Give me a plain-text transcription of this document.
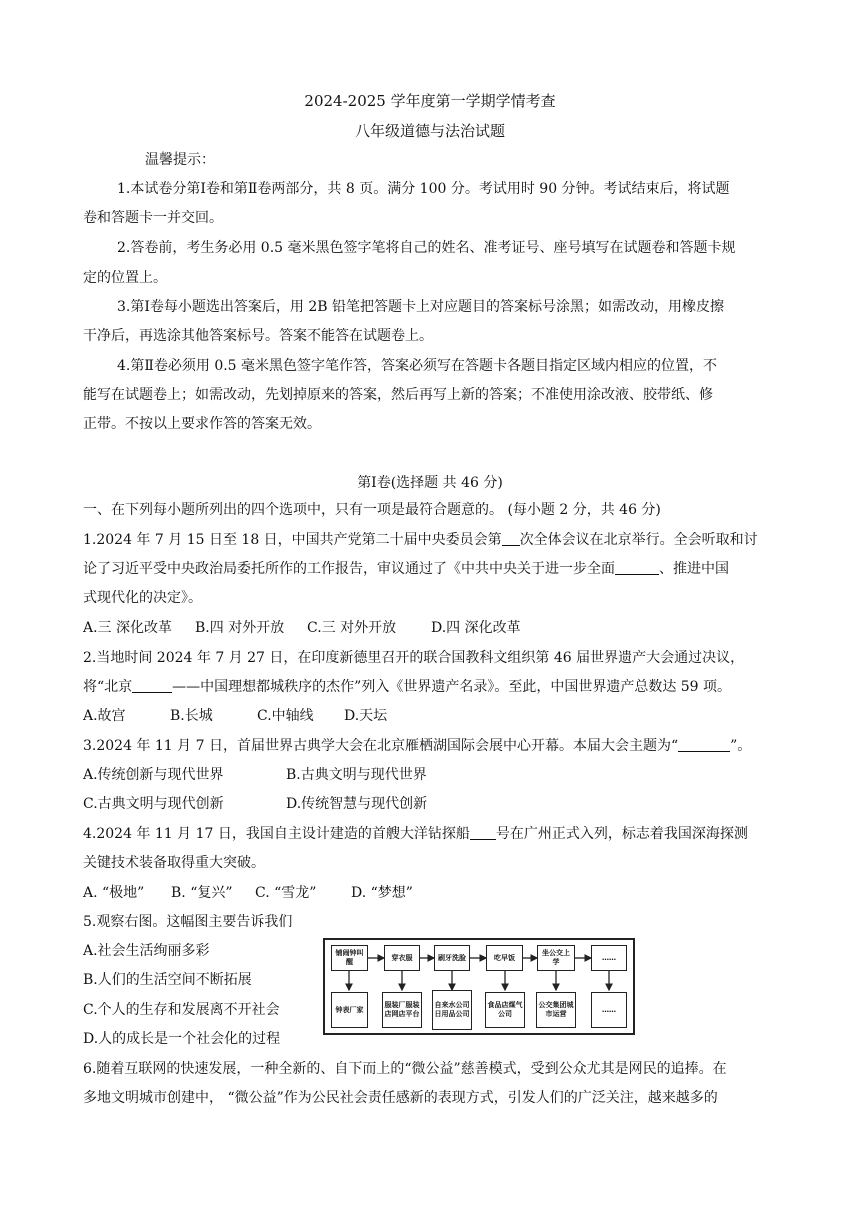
2024-2025 学年度第一学期学情考查
八年级道德与法治试题
温馨提示：
1.本试卷分第Ⅰ卷和第Ⅱ卷两部分，共 8 页。满分 100 分。考试用时 90 分钟。考试结束后，将试题
卷和答题卡一并交回。
2.答卷前，考生务必用 0.5 毫米黑色签字笔将自己的姓名、准考证号、座号填写在试题卷和答题卡规
定的位置上。
3.第Ⅰ卷每小题选出答案后，用 2B 铅笔把答题卡上对应题目的答案标号涂黑；如需改动，用橡皮擦
干净后，再选涂其他答案标号。答案不能答在试题卷上。
4.第Ⅱ卷必须用 0.5 毫米黑色签字笔作答，答案必须写在答题卡各题目指定区域内相应的位置，不
能写在试题卷上；如需改动，先划掉原来的答案，然后再写上新的答案；不准使用涂改液、胶带纸、修
正带。不按以上要求作答的答案无效。
第Ⅰ卷(选择题 共 46 分)
一、在下列每小题所列出的四个选项中，只有一项是最符合题意的。 (每小题 2 分，共 46 分)
1.2024 年 7 月 15 日至 18 日，中国共产党第二十届中央委员会第 次全体会议在北京举行。全会听取和讨
论了习近平受中央政治局委托所作的工作报告，审议通过了《中共中央关于进一步全面	、推进中国
式现代化的决定》。
A.三 深化改革 B.四 对外开放 C.三 对外开放 D.四 深化改革
2.当地时间 2024 年 7 月 27 日，在印度新德里召开的联合国教科文组织第 46 届世界遗产大会通过决议，
将“北京	——中国理想都城秩序的杰作”列入《世界遗产名录》。至此，中国世界遗产总数达 59 项。
A.故宫	B.长城	C.中轴线 D.天坛
3.2024 年 11 月 7 日，首届世界古典学大会在北京雁栖湖国际会展中心开幕。本届大会主题为“	”。
A.传统创新与现代世界	B.古典文明与现代世界
C.古典文明与现代创新	D.传统智慧与现代创新
4.2024 年 11 月 17 日，我国自主设计建造的首艘大洋钻探船 号在广州正式入列，标志着我国深海探测
关键技术装备取得重大突破。
A. “极地” B. “复兴” C. “雪龙” D. “梦想”
5.观察右图。这幅图主要告诉我们
A.社会生活绚丽多彩
B.人们的生活空间不断拓展
C.个人的生存和发展离不开社会
D.人的成长是一个社会化的过程
铺闹钟叫醒
穿衣服	刷牙洗脸	吃早饭
坐公交上学
……
钟表厂家
服装厂服装店网店平台
自来水公司日用品公司
食品店煤气公司
公交集团城市运营
……
6.随着互联网的快速发展，一种全新的、自下而上的“微公益”慈善模式，受到公众尤其是网民的追捧。在
多地文明城市创建中， “微公益”作为公民社会责任感新的表现方式，引发人们的广泛关注，越来越多的
